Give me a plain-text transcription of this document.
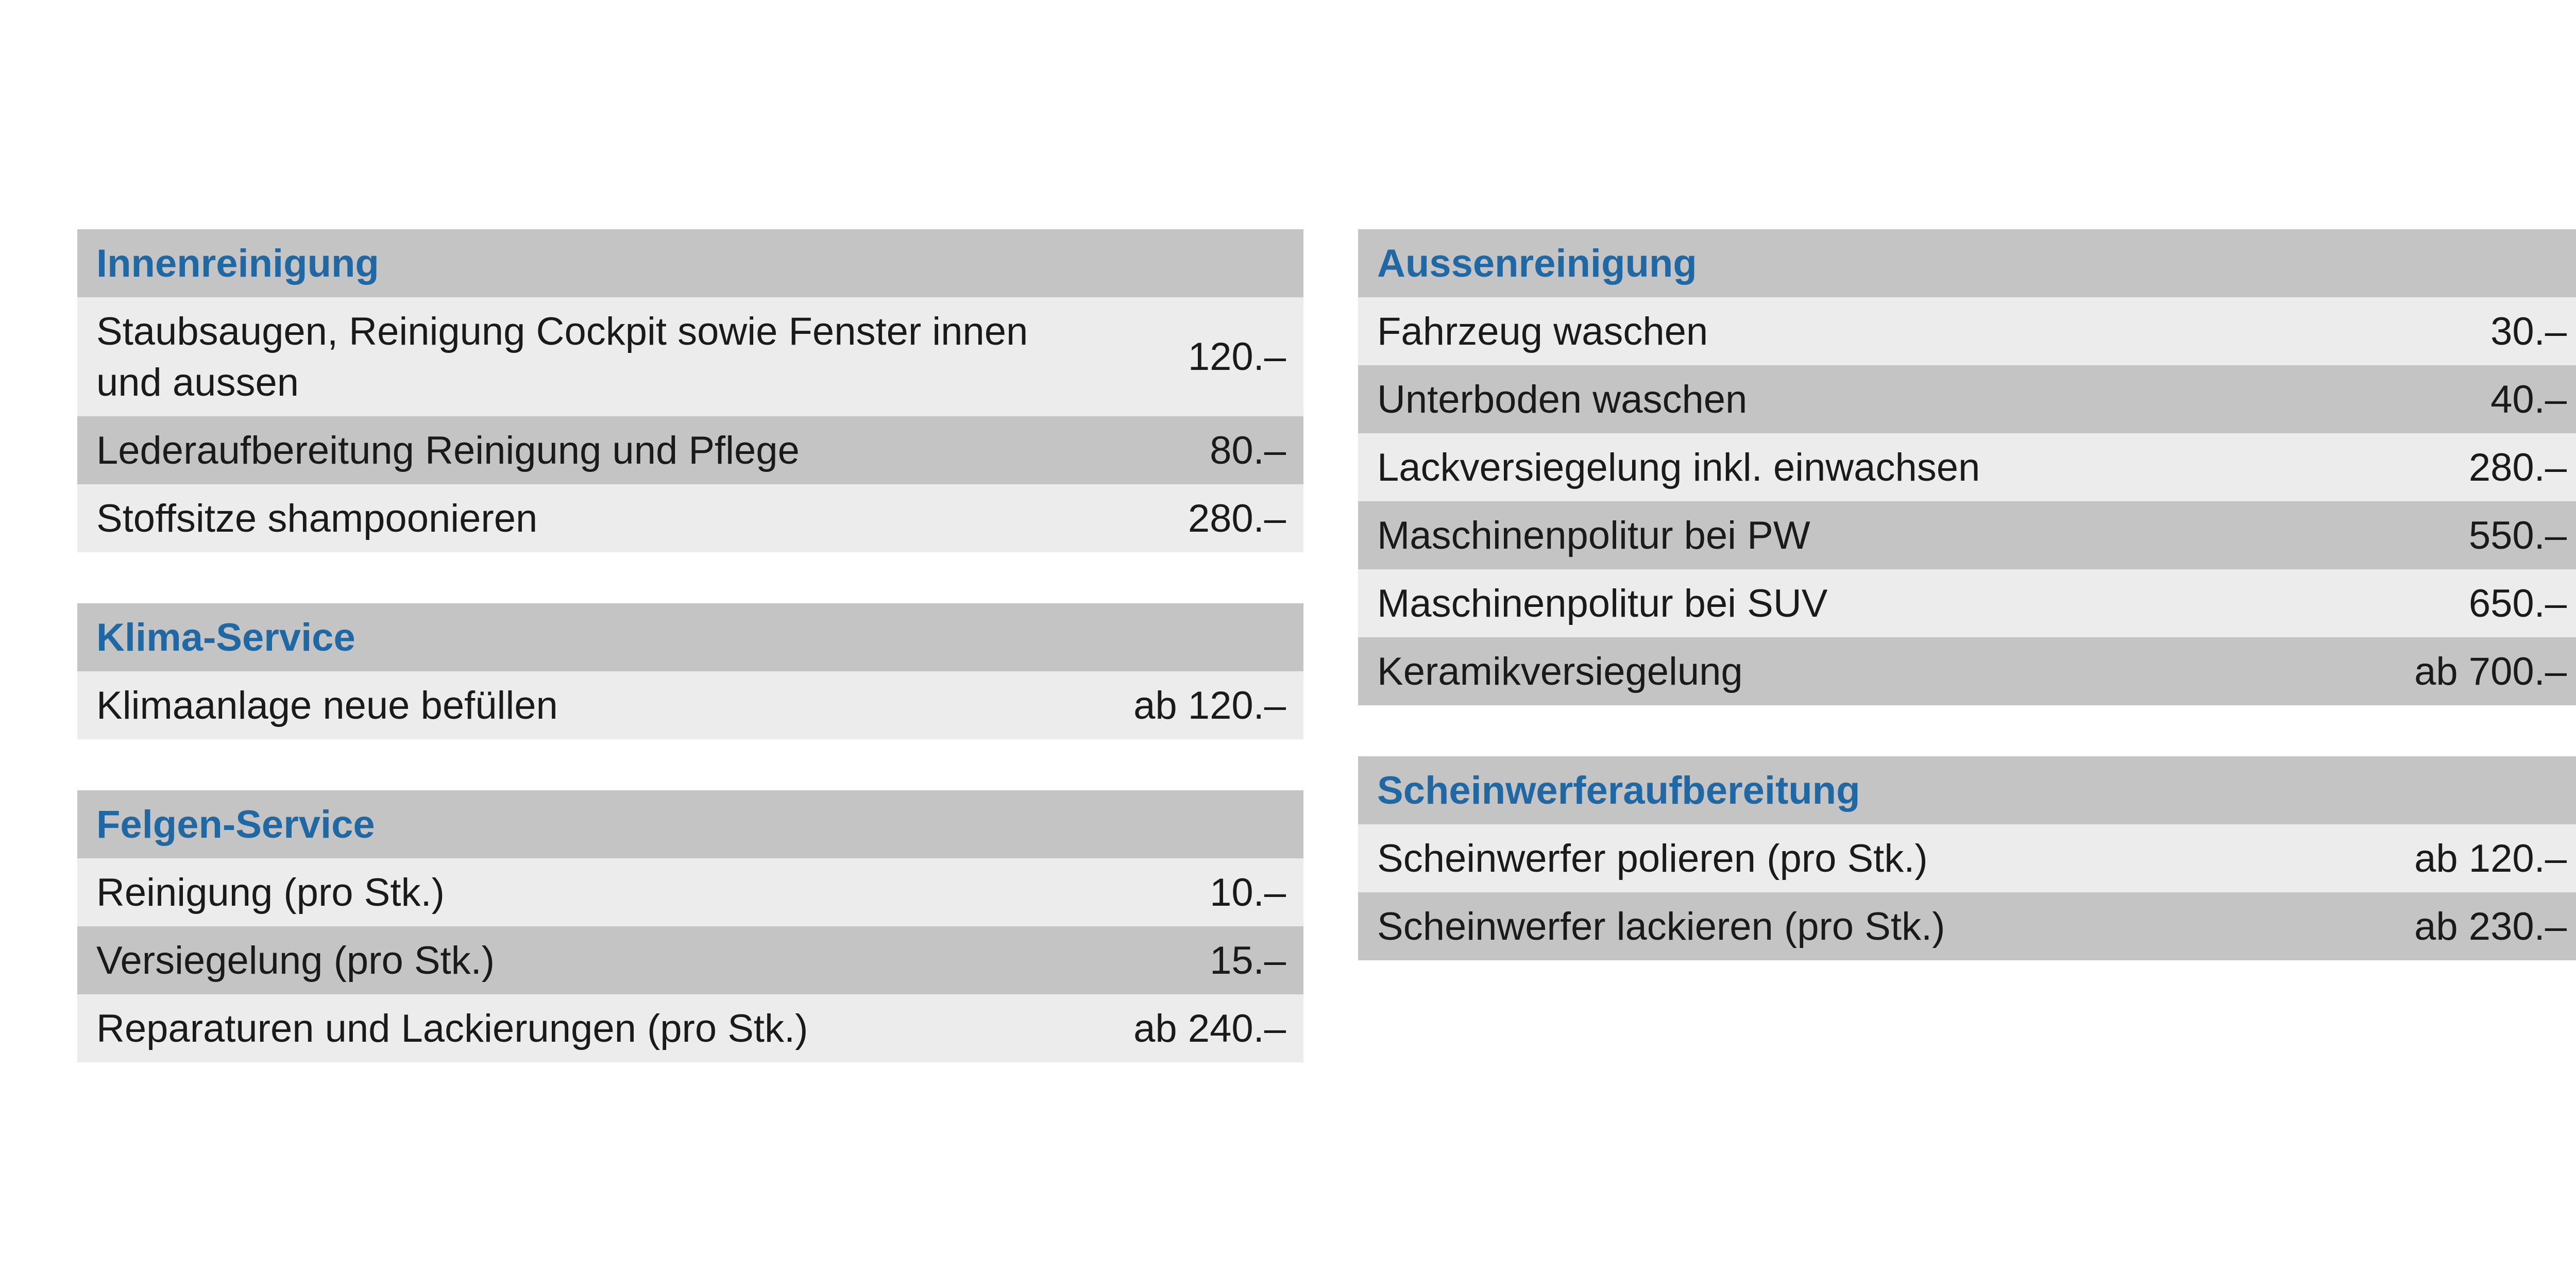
Innenreinigung
Staubsaugen, Reinigung Cockpit sowie Fenster innen und aussen
120.–
Lederaufbereitung Reinigung und Pflege	80.–
Stoffsitze shampoonieren	280.–
Klima-Service
Klimaanlage neue befüllen	ab 120.–
Felgen-Service
Reinigung (pro Stk.)	10.–
Versiegelung (pro Stk.)	15.–
Reparaturen und Lackierungen (pro Stk.)	ab 240.–
Aussenreinigung
Fahrzeug waschen	30.–
Unterboden waschen	40.–
Lackversiegelung inkl. einwachsen	280.–
Maschinenpolitur bei PW	550.–
Maschinenpolitur bei SUV	650.–
Keramikversiegelung	ab 700.–
Scheinwerferaufbereitung
Scheinwerfer polieren (pro Stk.)	ab 120.–
Scheinwerfer lackieren (pro Stk.)	ab 230.–
